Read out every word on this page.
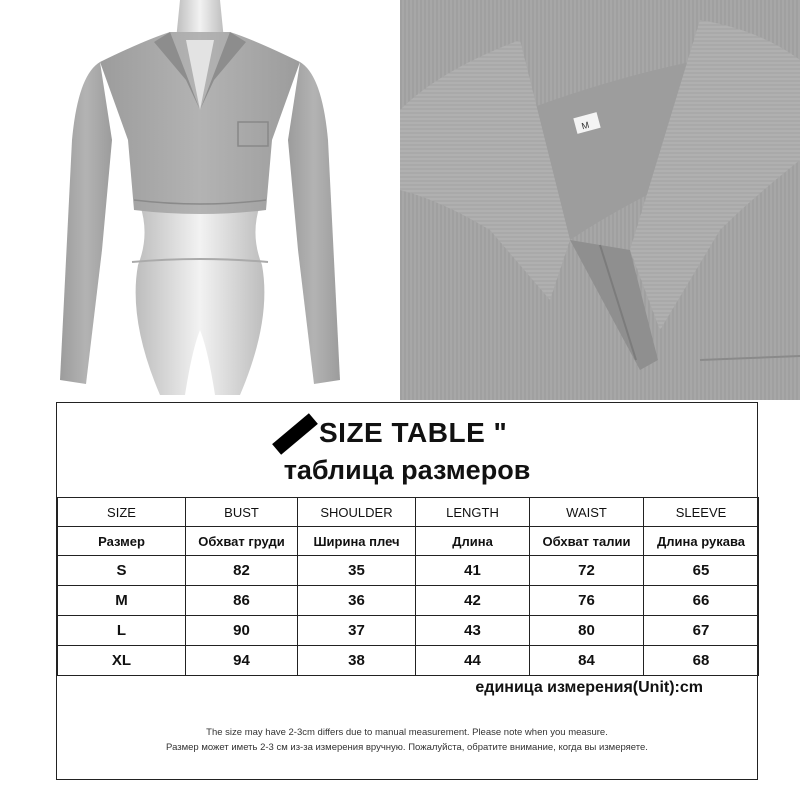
M
SIZE TABLE "
таблица размеров
SIZE	BUST	SHOULDER	LENGTH	WAIST	SLEEVE
Размер	Обхват груди	Ширина плеч	Длина	Обхват талии	Длина рукава
S	82	35	41	72	65
M	86	36	42	76	66
L	90	37	43	80	67
XL	94	38	44	84	68
единица измерения(Unit):cm
The size may have 2-3cm differs due to manual measurement. Please note when you measure.
Размер может иметь 2-3 см из-за измерения вручную. Пожалуйста, обратите внимание, когда вы измеряете.
